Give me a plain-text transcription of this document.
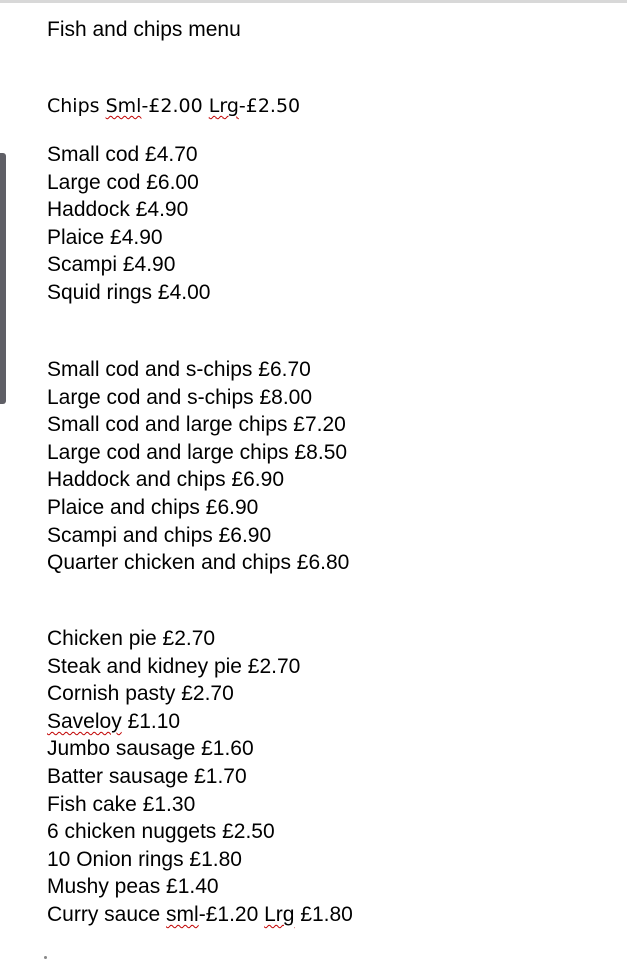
Fish and chips menu
Chips Sml-£2.00 Lrg-£2.50
Small cod £4.70
Large cod £6.00
Haddock £4.90
Plaice £4.90
Scampi £4.90
Squid rings £4.00
Small cod and s-chips £6.70
Large cod and s-chips £8.00
Small cod and large chips £7.20
Large cod and large chips £8.50
Haddock and chips £6.90
Plaice and chips £6.90
Scampi and chips £6.90
Quarter chicken and chips £6.80
Chicken pie £2.70
Steak and kidney pie £2.70
Cornish pasty £2.70
Saveloy £1.10
Jumbo sausage £1.60
Batter sausage £1.70
Fish cake £1.30
6 chicken nuggets £2.50
10 Onion rings £1.80
Mushy peas £1.40
Curry sauce sml-£1.20 Lrg £1.80
